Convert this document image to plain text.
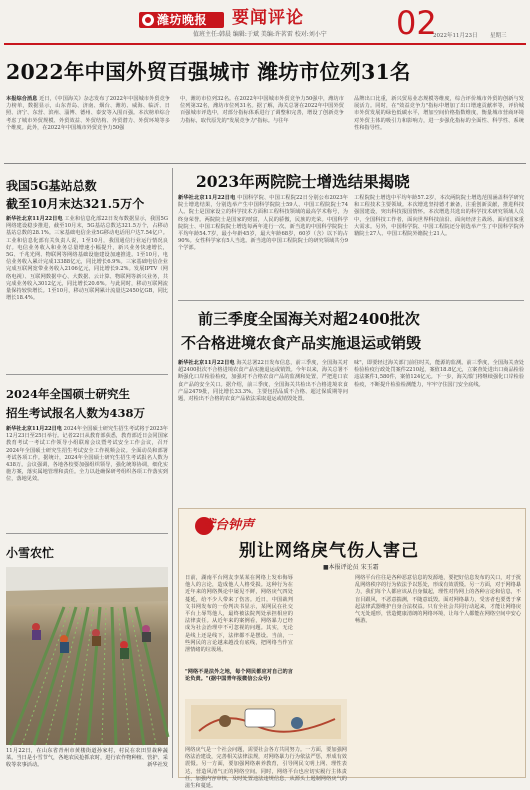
潍坊晚报 要闻评论
值班主任:韩晨 编辑:于斌 美编:许茗雷 校对:刘小宁 02
2022年11月23日 星期三
2022年中国外贸百强城市 潍坊市位列31名
本报综合消息 近日，《中国海关》杂志发布了2022年中国城市外贸竞争力榜单，数据显示，山东青岛、济南、烟台、潍坊、威海、临沂、日照、济宁、东营、滨州、淄博、德州、泰安等入围百强。本次榜单综合考虑了城市外贸规模、外贸效益、外贸结构、外贸潜力、外贸环境等多个维度。此外，在2022年中国城市外贸竞争力50强
中，潍坊市位列32名。在2022年中国城市外贸竞争力50强中，潍坊市位列第32名，潍坊市位列31名。据了解，海关总署在2022年中国外贸百强城市评选中，对部分指标体系进行了调整和完善，增设了创新竞争力指标，取代原先的"发展竞争力"指标。与往年
品牌出口比重，新兴贸易业态规模等维度，综合评价城市外贸的创新与发展活力。同时，在"效益竞争力"指标中增加了出口增速贡献率等，评价城市外贸发展的绿色低碳水平，增加空间价格指数维度，衡量城市营商环境对外贸主体的吸引力和影响力，进一步强化指标的全面性、科学性、系统性和指导性。
我国5G基站总数
截至10月末达321.5万个
新华社北京11月22日电 工业和信息化部22日发布数据显示，我国5G网络建设稳步推进，截至10月末，5G基站总数达321.5万个，占移动基站总数的28.1%。三家基础电信企业5G移动电话用户达7.54亿户。工业和信息化部有关负责人说，1至10月，我国通信行业运行情况良好。电信业务收入和业务总量增速小幅提升，新兴业务快速增长，5G、千兆光网、物联网等网络基础设施建设加速推进。1至10月，电信业务收入累计完成13388亿元，同比增长6.9%。三家基础电信企业完成互联网宽带业务收入2106亿元，同比增长9.2%。发展IPTV（网络电视）、互联网数据中心、大数据、云计算、物联网等新兴业务，共完成业务收入3012亿元，同比增长20.6%。与此同时，移动互联网流量保持较快增长。1至10月，移动互联网累计流量达2450亿GB，同比增长18.4%。
2024年全国硕士研究生
招生考试报名人数为438万
新华社北京11月22日电 2024年全国硕士研究生招生考试将于2023年12月23日至25日举行。记者22日从教育部获悉，教育部近日会同国家教育考试一考试工作领导小组联席会议暨考试安全工作会议，召开2024年全国硕士研究生招生考试安全工作视频会议。全面动员和部署考试各项工作。据统计，2024年全国硕士研究生招生考试报名人数为438万。会议强调，各地各校要加强组织领导，强化统筹协调，细化实施方案，落实属地管理和责任。全力以赴确保研考组织各项工作落实到位，落地见效。
小雪农忙
11月22日，在山东省青州市黄楼街道孙家村，村民在农田里栽种蔬菜。当日是小雪节气，各地农民抢抓农时，进行农作物种植、管护、采收等农事活动。	新华社发
2023年两院院士增选结果揭晓
新华社北京11月22日电 中国科学院、中国工程院22日分别公布2023年院士增选结果，分别选举产生中国科学院院士59人、中国工程院院士74人。院士是国家设立的科学技术方面和工程科技领域的最高学术称号，为终身荣誉。两院院士是国家的财富，人民的骄傲，民族的光荣。中国科学院院士、中国工程院院士增选每两年进行一次。新当选的中国科学院院士平均年龄54.7岁，最小年龄45岁，最大年龄68岁，60岁（含）以下的占90%。女性科学家有5人当选。新当选的中国工程院院士的研究领域共分9个学部。
工程院院士增选中平均年龄57.2岁，本次两院院士增选范围涵盖科学研究和工程技术主要领域。本次增选坚持德才兼备，注重创新贡献，推进科技强国建设，突出科技报国情怀。本次增选共选出的科学技术研究领域人员中，全国科技工作者，面向世界科技前沿、面向经济主战场、面向国家重大需求。另外，中国科学院、中国工程院还分别选举产生了中国科学院外籍院士27人、中国工程院外籍院士21人。
前三季度全国海关对超2400批次
不合格进境农食产品实施退运或销毁
新华社北京11月22日电 海关总署22日发布信息，前三季度，全国海关对超2400批次不合格进境农食产品实施退运或销毁。今年以来，海关总署不断强化口岸检验检疫，加强对不合格农食产品的监测和处置，严把进口农食产品的安全关口。据介绍，前三季度，全国海关共检出不合格进境农食产品2479批，同比增长33.3%。主要包括品质不合格、超过保质期等问题，对检出不合格的农食产品依法采取退运或销毁处置。
味"，即要轻过海关部门前往时关，能源的监测。前三季度，全国海关查处检验检疫行政处罚案件2210起，案值18.8亿元，立案查处进出口商品检验违法案件1,580件，案值124亿元。下一步，海关部门将继续强化口岸检验检疫，不断提升检验检测能力，牢牢守住国门安全底线。
鸢台钟声
别让网络戾气伤人害己
■本报评论员 宋玉霜
日前，湖南平台网友李某某在网络上发布侮辱他人的言论，造成他人人格受损。这种行为在近年来的网络舆论中屡见不鲜，网络戾气四处蔓延，给不少人带来了伤害。近日，中国裁判文书网发布的一份判决书显示，某网民在社交平台上辱骂他人，最终被法院判处承担相应的法律责任。从近年来的案例看，网络暴力已经成为社会治理中不可忽视的问题。其实，无论是线上还是线下，法律都不是摆设。当前，一些网民的言论越来越没有底线，把网络当作宣泄情绪的垃圾场。
"网络不是法外之地，每个网民都应对自己的言论负责。"(据中国青年报微信公众号)
网络戾气是一个社会问题，需要社会各方共同努力。一方面，要加强网络法治建设，完善相关法律法规，对网络暴力行为依法严惩，形成有效震慑。另一方面，要加强网络素养教育，引导网民文明上网、理性表达，营造风清气正的网络空间。同时，网络平台也应切实履行主体责任，加强内容审核，及时处置违法违规信息，从源头上遏制网络戾气的滋生和蔓延。
网络平台往往是各种恶意信息的发源地，要把好信息发布的关口，对于扰乱网络秩序的行为依法予以惩处，形成有效震慑。另一方面，对于网络暴力，我们每个人都应该从自身做起，理性对待网上的各种言论和信息，不盲目跟风，不恶意揣测，不随意诋毁。面对网络暴力，受害者也要勇于拿起法律武器维护自身合法权益。只有全社会共同行动起来，才能让网络戾气无处遁形，营造健康清朗的网络环境，让每个人都能在网络空间中安心畅游。
